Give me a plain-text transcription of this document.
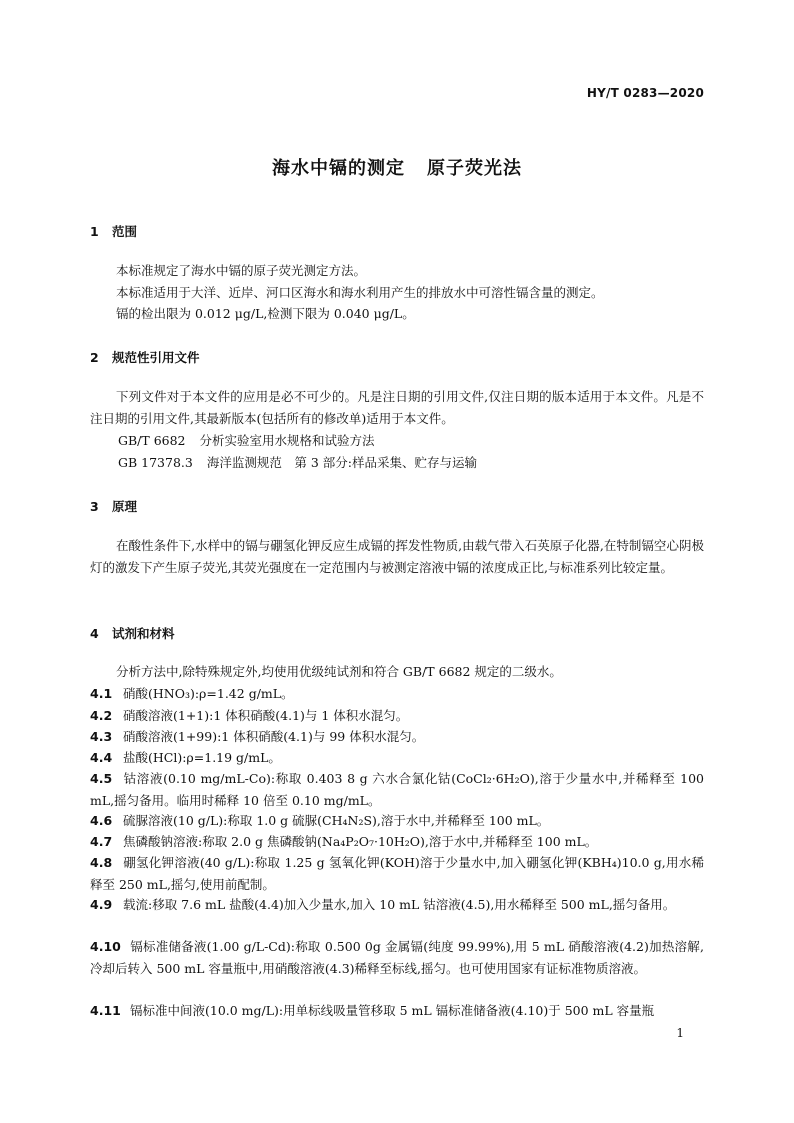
HY/T 0283—2020
海水中镉的测定 原子荧光法
1 范围
本标准规定了海水中镉的原子荧光测定方法。
本标准适用于大洋、近岸、河口区海水和海水利用产生的排放水中可溶性镉含量的测定。
镉的检出限为 0.012 μg/L,检测下限为 0.040 μg/L。
2 规范性引用文件
下列文件对于本文件的应用是必不可少的。凡是注日期的引用文件,仅注日期的版本适用于本文件。凡是不注日期的引用文件,其最新版本(包括所有的修改单)适用于本文件。
GB/T 6682 分析实验室用水规格和试验方法
GB 17378.3 海洋监测规范　第 3 部分:样品采集、贮存与运输
3 原理
在酸性条件下,水样中的镉与硼氢化钾反应生成镉的挥发性物质,由载气带入石英原子化器,在特制镉空心阴极灯的激发下产生原子荧光,其荧光强度在一定范围内与被测定溶液中镉的浓度成正比,与标准系列比较定量。
4 试剂和材料
分析方法中,除特殊规定外,均使用优级纯试剂和符合 GB/T 6682 规定的二级水。
4.1 硝酸(HNO₃):ρ=1.42 g/mL。
4.2 硝酸溶液(1+1):1 体积硝酸(4.1)与 1 体积水混匀。
4.3 硝酸溶液(1+99):1 体积硝酸(4.1)与 99 体积水混匀。
4.4 盐酸(HCl):ρ=1.19 g/mL。
4.5 钴溶液(0.10 mg/mL-Co):称取 0.403 8 g 六水合氯化钴(CoCl₂·6H₂O),溶于少量水中,并稀释至 100 mL,摇匀备用。临用时稀释 10 倍至 0.10 mg/mL。
4.6 硫脲溶液(10 g/L):称取 1.0 g 硫脲(CH₄N₂S),溶于水中,并稀释至 100 mL。
4.7 焦磷酸钠溶液:称取 2.0 g 焦磷酸钠(Na₄P₂O₇·10H₂O),溶于水中,并稀释至 100 mL。
4.8 硼氢化钾溶液(40 g/L):称取 1.25 g 氢氧化钾(KOH)溶于少量水中,加入硼氢化钾(KBH₄)10.0 g,用水稀释至 250 mL,摇匀,使用前配制。
4.9 载流:移取 7.6 mL 盐酸(4.4)加入少量水,加入 10 mL 钴溶液(4.5),用水稀释至 500 mL,摇匀备用。
4.10 镉标准储备液(1.00 g/L-Cd):称取 0.500 0g 金属镉(纯度 99.99%),用 5 mL 硝酸溶液(4.2)加热溶解,冷却后转入 500 mL 容量瓶中,用硝酸溶液(4.3)稀释至标线,摇匀。也可使用国家有证标准物质溶液。
4.11 镉标准中间液(10.0 mg/L):用单标线吸量管移取 5 mL 镉标准储备液(4.10)于 500 mL 容量瓶
1
